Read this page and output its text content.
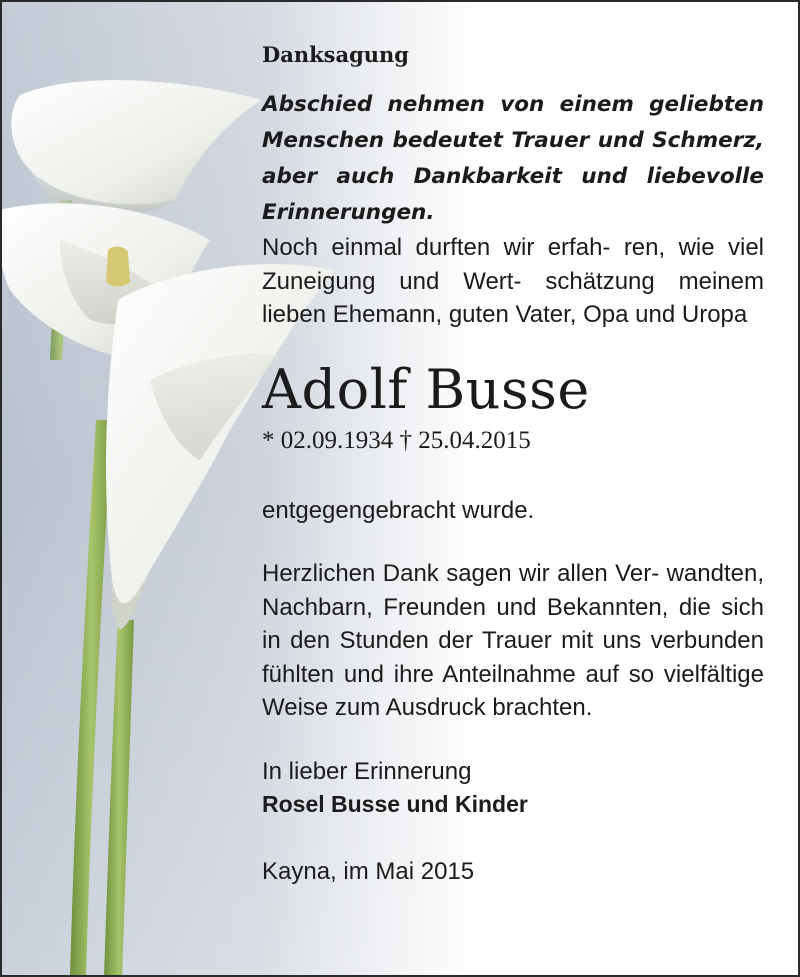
Danksagung

Abschied nehmen von einem geliebten Menschen bedeutet Trauer und Schmerz, aber auch Dankbarkeit und liebevolle Erinnerungen.

Noch einmal durften wir erfah- ren, wie viel Zuneigung und Wert- schätzung meinem lieben Ehemann, guten Vater, Opa und Uropa

Adolf Busse
* 02.09.1934 † 25.04.2015

entgegengebracht wurde.

Herzlichen Dank sagen wir allen Ver- wandten, Nachbarn, Freunden und Bekannten, die sich in den Stunden der Trauer mit uns verbunden fühlten und ihre Anteilnahme auf so vielfältige Weise zum Ausdruck brachten.

In lieber Erinnerung

Rosel Busse und Kinder

Kayna, im Mai 2015
